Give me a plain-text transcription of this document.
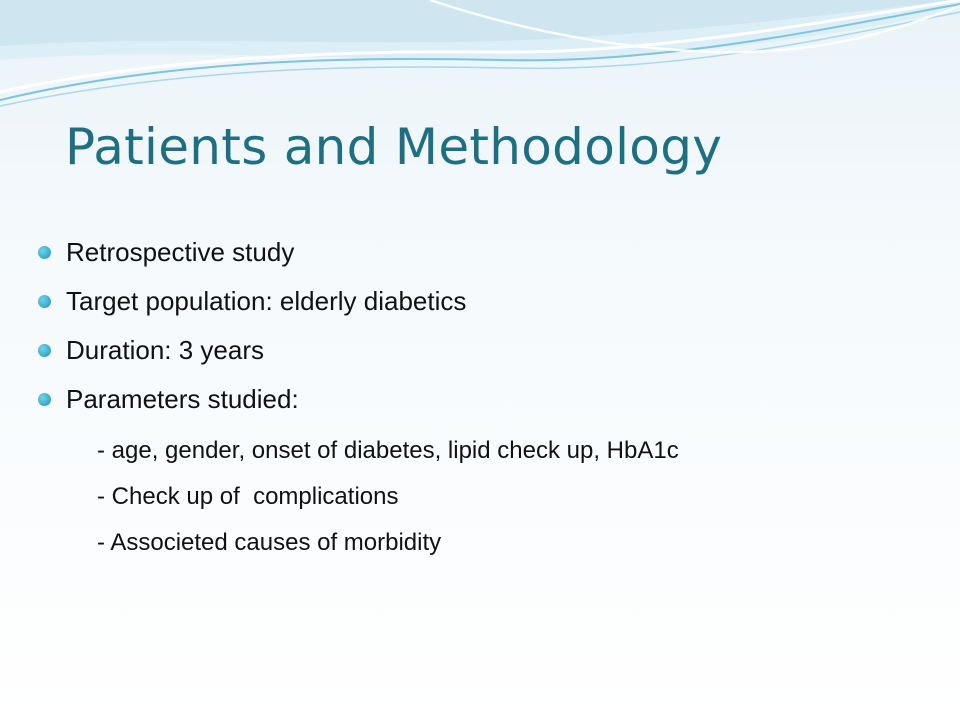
Patients and Methodology
Retrospective study
Target population: elderly diabetics
Duration: 3 years
Parameters studied:
- age, gender, onset of diabetes, lipid check up, HbA1c
- Check up of  complications
- Associeted causes of morbidity
